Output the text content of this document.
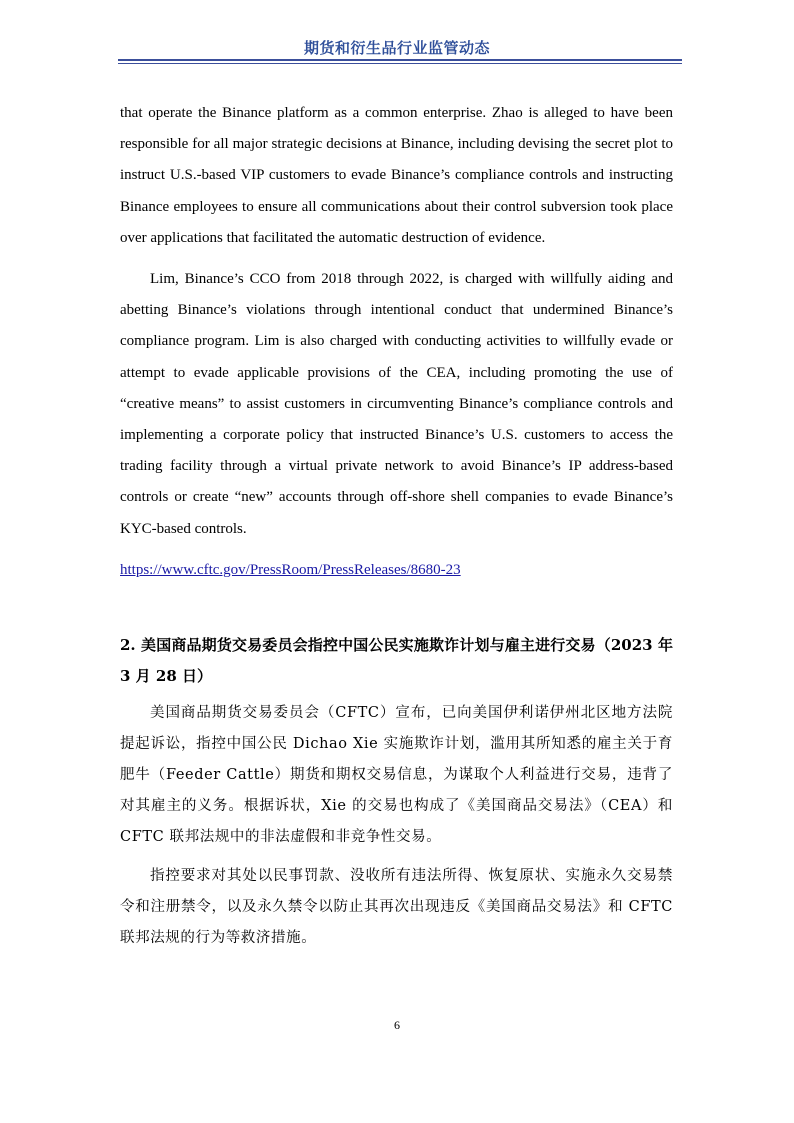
期货和衍生品行业监管动态

that operate the Binance platform as a common enterprise. Zhao is alleged to have been responsible for all major strategic decisions at Binance, including devising the secret plot to instruct U.S.-based VIP customers to evade Binance’s compliance controls and instructing Binance employees to ensure all communications about their control subversion took place over applications that facilitated the automatic destruction of evidence.

Lim, Binance’s CCO from 2018 through 2022, is charged with willfully aiding and abetting Binance’s violations through intentional conduct that undermined Binance’s compliance program. Lim is also charged with conducting activities to willfully evade or attempt to evade applicable provisions of the CEA, including promoting the use of “creative means” to assist customers in circumventing Binance’s compliance controls and implementing a corporate policy that instructed Binance’s U.S. customers to access the trading facility through a virtual private network to avoid Binance’s IP address-based controls or create “new” accounts through off-shore shell companies to evade Binance’s KYC-based controls.

https://www.cftc.gov/PressRoom/PressReleases/8680-23
2. 美国商品期货交易委员会指控中国公民实施欺诈计划与雇主进行交易（2023 年 3 月 28 日）

美国商品期货交易委员会（CFTC）宣布，已向美国伊利诺伊州北区地方法院提起诉讼，指控中国公民 Dichao Xie 实施欺诈计划，滥用其所知悉的雇主关于育肥牛（Feeder Cattle）期货和期权交易信息，为谋取个人利益进行交易，违背了对其雇主的义务。根据诉状，Xie 的交易也构成了《美国商品交易法》（CEA）和 CFTC 联邦法规中的非法虚假和非竞争性交易。

指控要求对其处以民事罚款、没收所有违法所得、恢复原状、实施永久交易禁令和注册禁令，以及永久禁令以防止其再次出现违反《美国商品交易法》和 CFTC 联邦法规的行为等救济措施。

6
